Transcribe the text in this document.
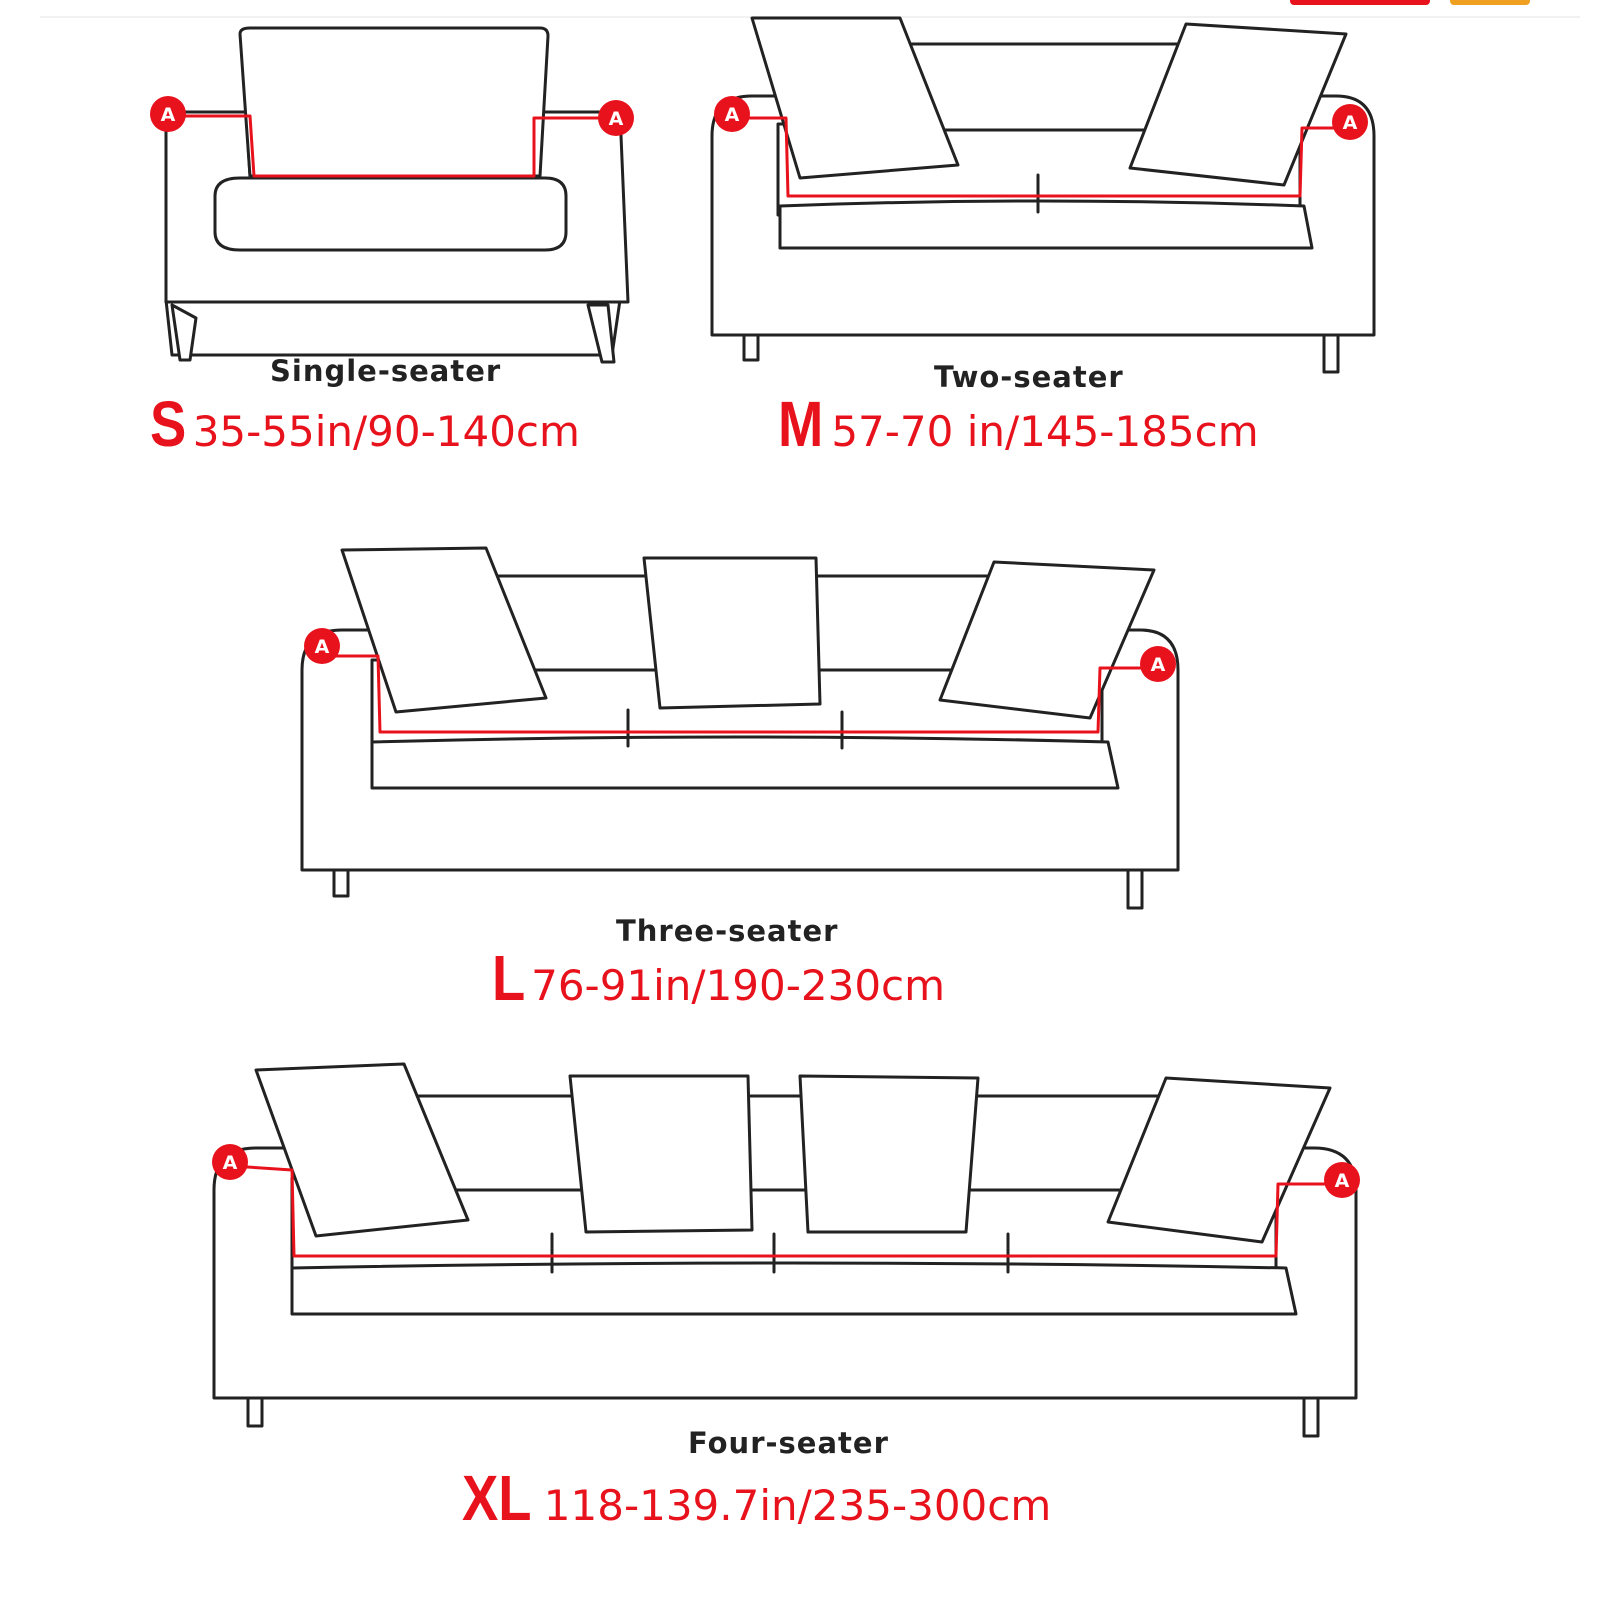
A	A
Single-seater
S 35-55in/90-140cm
A	A
Two-seater
M 57-70 in/145-185cm
A
A
Three-seater
L 76-91in/190-230cm
A
A
Four-seater
XL 118-139.7in/235-300cm
